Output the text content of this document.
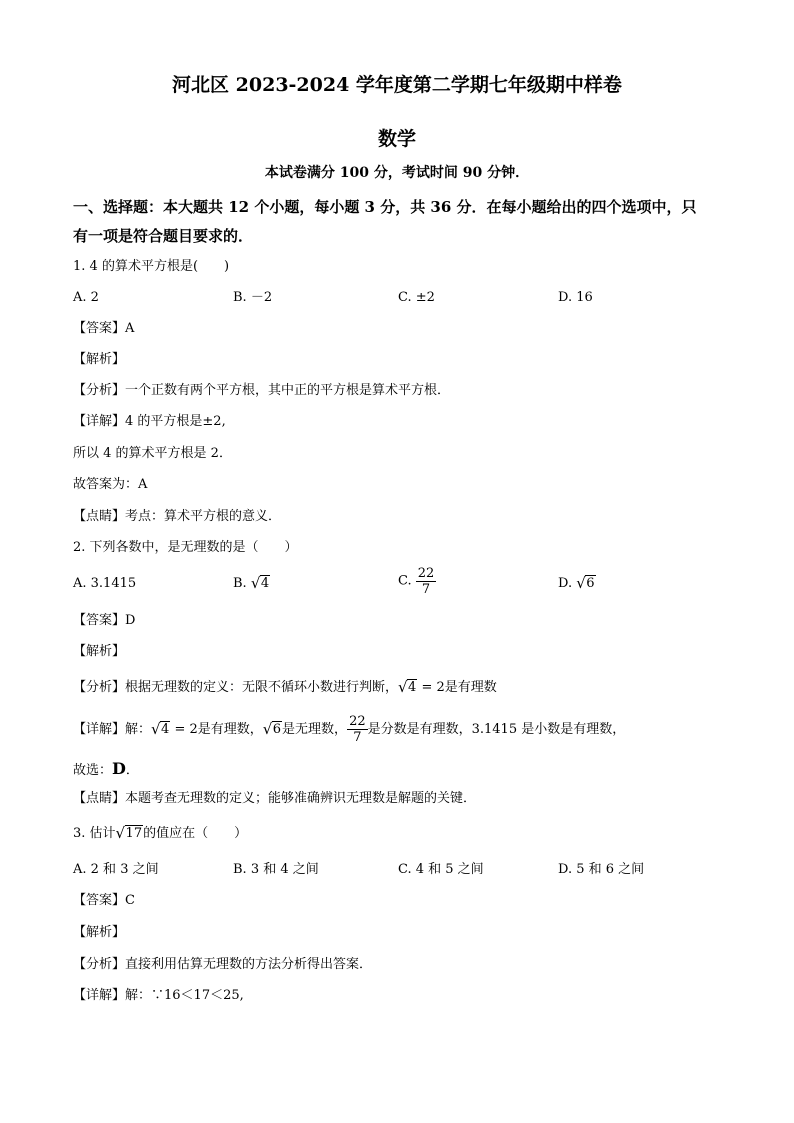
河北区 2023-2024 学年度第二学期七年级期中样卷
数学
本试卷满分 100 分，考试时间 90 分钟．
一、选择题：本大题共 12 个小题，每小题 3 分，共 36 分．在每小题给出的四个选项中，只
有一项是符合题目要求的．
1. 4 的算术平方根是(　　)
A. 2	B. －2	C. ±2	D. 16
【答案】A
【解析】
【分析】一个正数有两个平方根，其中正的平方根是算术平方根．
【详解】4 的平方根是±2,
所以 4 的算术平方根是 2．
故答案为：A
【点睛】考点：算术平方根的意义．
2. 下列各数中，是无理数的是（　　）
A. 3.1415	B. √ 4	C. $\frac{22}{7}$	D. √ 6
【答案】D
【解析】
【分析】根据无理数的定义：无限不循环小数进行判断， √ 4 = 2是有理数
【详解】解： √ 4 = 2是有理数， √ 6是无理数， $\frac{22}{7}$ 是分数是有理数，3.1415 是小数是有理数，
故选：D．
【点睛】本题考查无理数的定义；能够准确辨识无理数是解题的关键．
3. 估计 √ 17的值应在（　　）
A. 2 和 3 之间	B. 3 和 4 之间	C. 4 和 5 之间	D. 5 和 6 之间
【答案】C
【解析】
【分析】直接利用估算无理数的方法分析得出答案．
【详解】解：∵16＜17＜25,
